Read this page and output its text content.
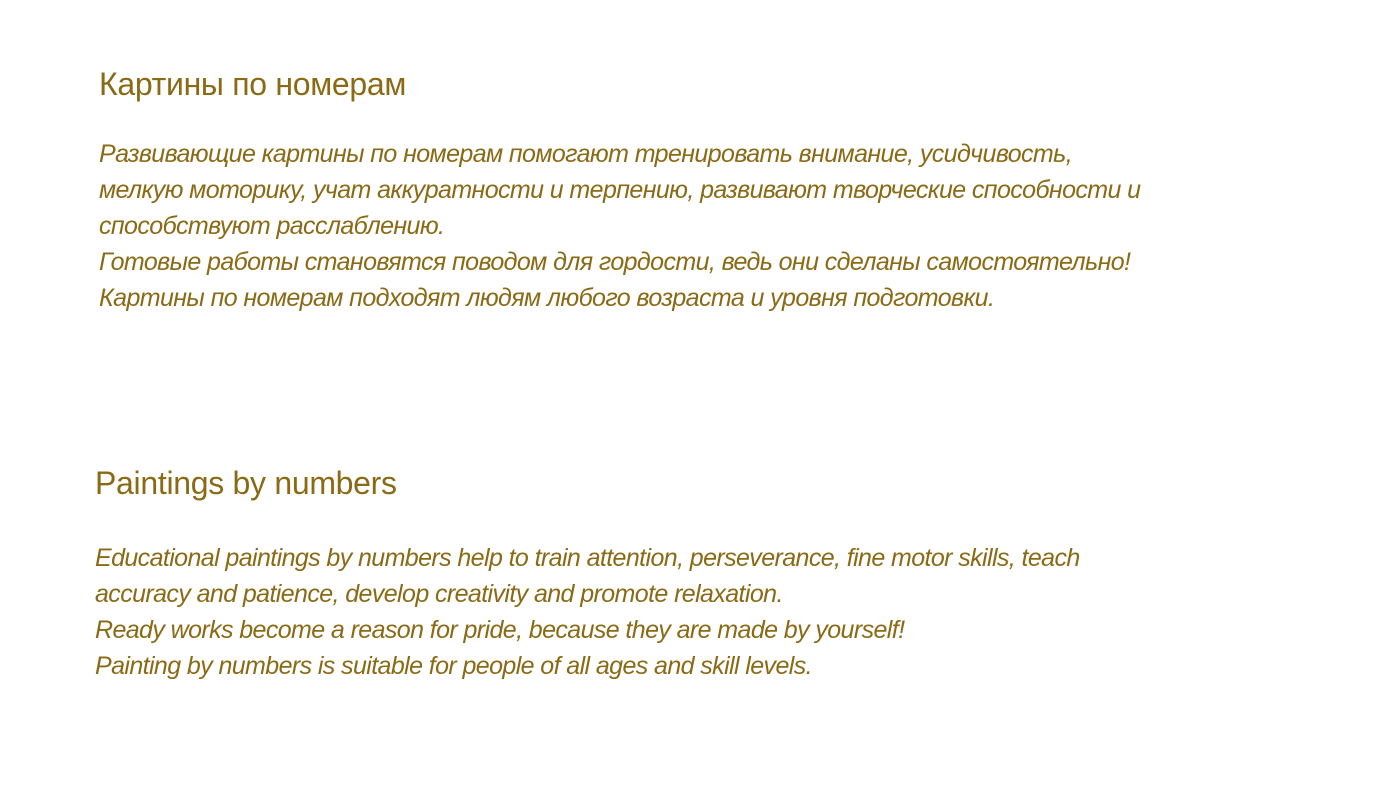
Картины по номерам
Развивающие картины по номерам помогают тренировать внимание, усидчивость,
мелкую моторику, учат аккуратности и терпению, развивают творческие способности и
способствуют расслаблению.
Готовые работы становятся поводом для гордости, ведь они сделаны самостоятельно!
Картины по номерам подходят людям любого возраста и уровня подготовки.
Paintings by numbers
Educational paintings by numbers help to train attention, perseverance, fine motor skills, teach
accuracy and patience, develop creativity and promote relaxation.
Ready works become a reason for pride, because they are made by yourself!
Painting by numbers is suitable for people of all ages and skill levels.
